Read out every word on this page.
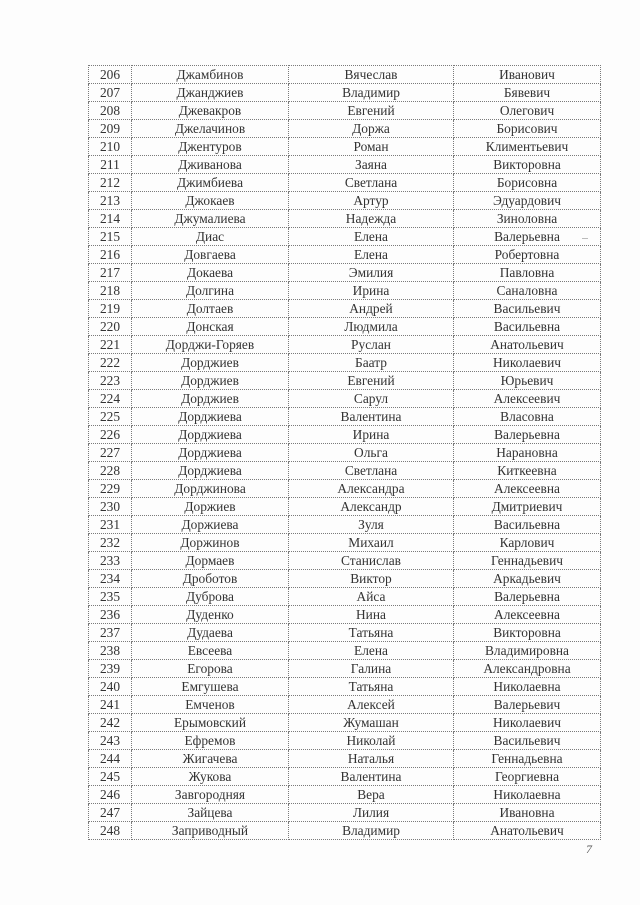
206	Джамбинов	Вячеслав	Иванович
207	Джанджиев	Владимир	Бявевич
208	Джевакров	Евгений	Олегович
209	Джелачинов	Доржа	Борисович
210	Джентуров	Роман	Климентьевич
211	Дживанова	Заяна	Викторовна
212	Джимбиева	Светлана	Борисовна
213	Джокаев	Артур	Эдуардович
214	Джумалиева	Надежда	Зиноловна
215	Диас	Елена	Валерьевна
216	Довгаева	Елена	Робертовна
217	Докаева	Эмилия	Павловна
218	Долгина	Ирина	Саналовна
219	Долтаев	Андрей	Васильевич
220	Донская	Людмила	Васильевна
221	Дорджи-Горяев	Руслан	Анатольевич
222	Дорджиев	Баатр	Николаевич
223	Дорджиев	Евгений	Юрьевич
224	Дорджиев	Сарул	Алексеевич
225	Дорджиева	Валентина	Власовна
226	Дорджиева	Ирина	Валерьевна
227	Дорджиева	Ольга	Нарановна
228	Дорджиева	Светлана	Киткеевна
229	Дорджинова	Александра	Алексеевна
230	Доржиев	Александр	Дмитриевич
231	Доржиева	Зуля	Васильевна
232	Доржинов	Михаил	Карлович
233	Дормаев	Станислав	Геннадьевич
234	Дроботов	Виктор	Аркадьевич
235	Дуброва	Айса	Валерьевна
236	Дуденко	Нина	Алексеевна
237	Дудаева	Татьяна	Викторовна
238	Евсеева	Елена	Владимировна
239	Егорова	Галина	Александровна
240	Емгушева	Татьяна	Николаевна
241	Емченов	Алексей	Валерьевич
242	Ерымовский	Жумашан	Николаевич
243	Ефремов	Николай	Васильевич
244	Жигачева	Наталья	Геннадьевна
245	Жукова	Валентина	Георгиевна
246	Завгородняя	Вера	Николаевна
247	Зайцева	Лилия	Ивановна
248	Заприводный	Владимир	Анатольевич
7
